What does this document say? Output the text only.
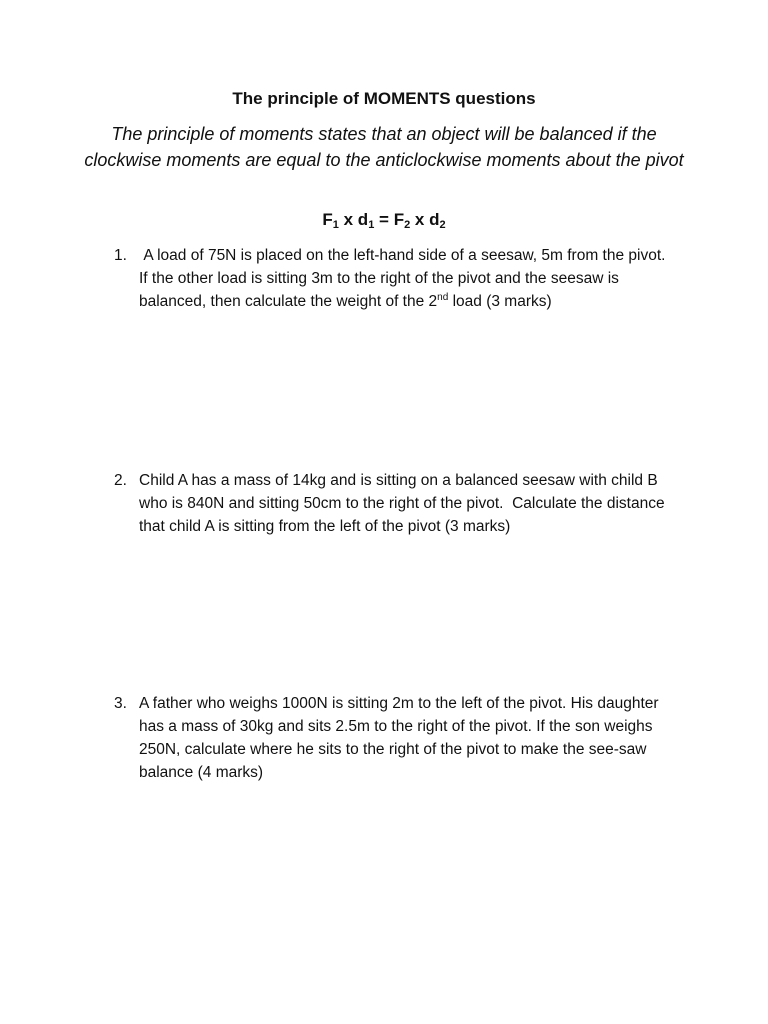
The principle of MOMENTS questions
The principle of moments states that an object will be balanced if the clockwise moments are equal to the anticlockwise moments about the pivot
$F_1$ x $d_1 = F_2$ x $d_2$
1. A load of 75N is placed on the left-hand side of a seesaw, 5m from the pivot.  If the other load is sitting 3m to the right of the pivot and the seesaw is balanced, then calculate the weight of the 2nd load (3 marks)
2. Child A has a mass of 14kg and is sitting on a balanced seesaw with child B who is 840N and sitting 50cm to the right of the pivot.  Calculate the distance that child A is sitting from the left of the pivot (3 marks)
3. A father who weighs 1000N is sitting 2m to the left of the pivot. His daughter has a mass of 30kg and sits 2.5m to the right of the pivot. If the son weighs 250N, calculate where he sits to the right of the pivot to make the see-saw balance (4 marks)
